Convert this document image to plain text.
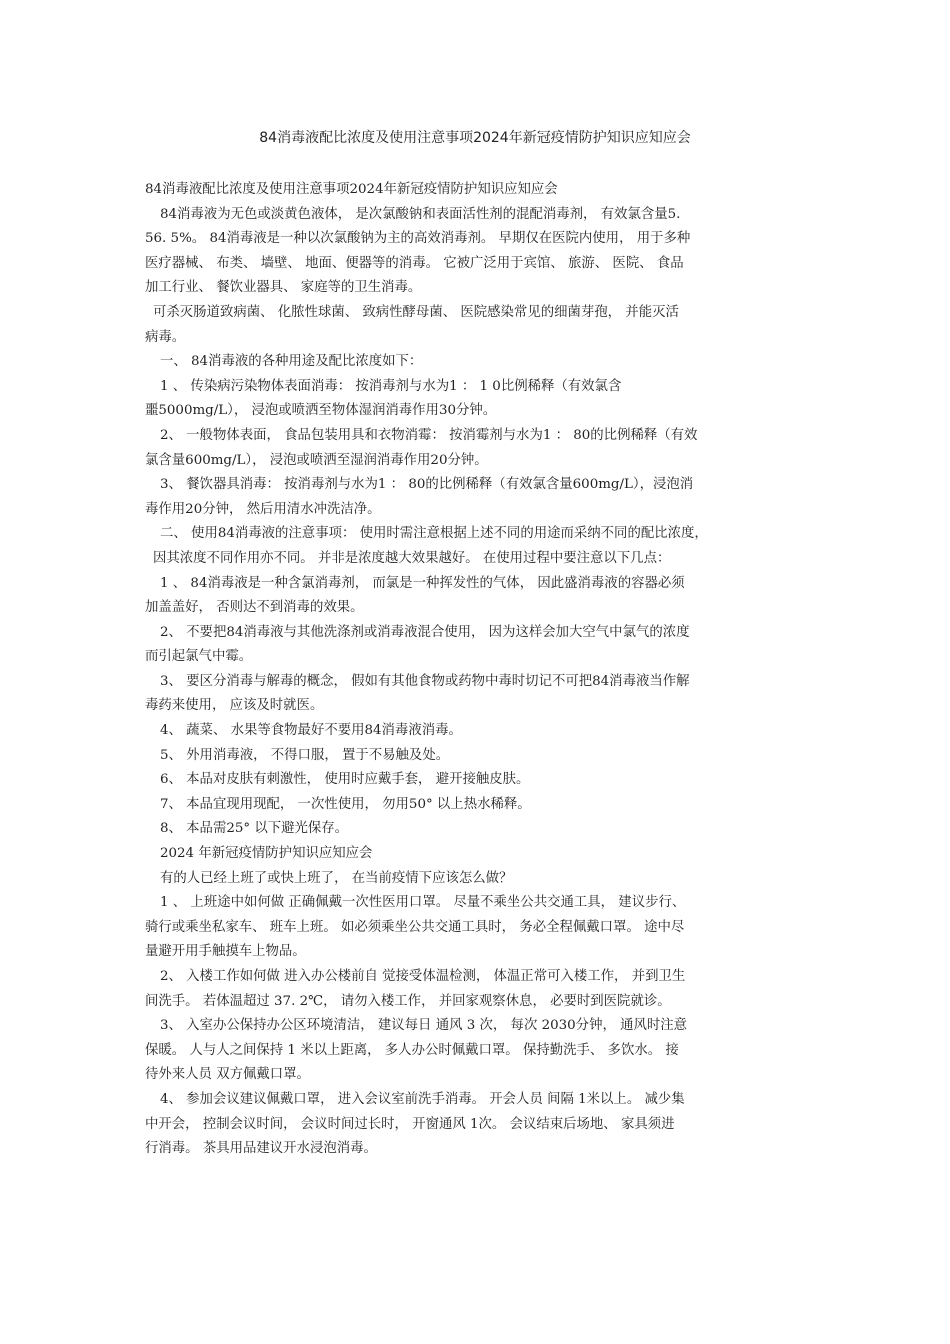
84消毒液配比浓度及使用注意事项2024年新冠疫情防护知识应知应会
84消毒液配比浓度及使用注意事项2024年新冠疫情防护知识应知应会
84消毒液为无色或淡黄色液体， 是次氯酸钠和表面活性剂的混配消毒剂， 有效氯含量5.
56. 5%。 84消毒液是一种以次氯酸钠为主的高效消毒剂。 早期仅在医院内使用， 用于多种
医疗器械、 布类、 墙壁、 地面、便器等的消毒。 它被广泛用于宾馆、 旅游、 医院、 食品
加工行业、 餐饮业器具、 家庭等的卫生消毒。
可杀灭肠道致病菌、 化脓性球菌、 致病性酵母菌、 医院感染常见的细菌芽孢， 并能灭活
病毒。
一、 84消毒液的各种用途及配比浓度如下：
1 、 传染病污染物体表面消毒： 按消毒剂与水为1 ： 1 0比例稀释（有效氯含
噩5000mg/L）， 浸泡或喷洒至物体湿润消毒作用30分钟。
2、 一般物体表面， 食品包装用具和衣物消霉： 按消霉剂与水为1 ： 80的比例稀释（有效
氯含量600mg/L）， 浸泡或喷洒至湿润消毒作用20分钟。
3、 餐饮器具消毒： 按消毒剂与水为1 ： 80的比例稀释（有效氯含量600mg/L），浸泡消
毒作用20分钟， 然后用清水冲洗洁净。
二、 使用84消毒液的注意事项： 使用时需注意根据上述不同的用途而采纳不同的配比浓度，
因其浓度不同作用亦不同。 并非是浓度越大效果越好。 在使用过程中要注意以下几点：
1 、 84消毒液是一种含氯消毒剂， 而氯是一种挥发性的气体， 因此盛消毒液的容器必须
加盖盖好， 否则达不到消毒的效果。
2、 不要把84消毒液与其他洗涤剂或消毒液混合使用， 因为这样会加大空气中氯气的浓度
而引起氯气中霉。
3、 要区分消毒与解毒的概念， 假如有其他食物或药物中毒时切记不可把84消毒液当作解
毒药来使用， 应该及时就医。
4、 蔬菜、 水果等食物最好不要用84消毒液消毒。
5、 外用消毒液， 不得口服， 置于不易触及处。
6、 本品对皮肤有刺激性， 使用时应戴手套， 避开接触皮肤。
7、 本品宜现用现配， 一次性使用， 勿用50° 以上热水稀释。
8、 本品需25° 以下避光保存。
2024 年新冠疫情防护知识应知应会
有的人已经上班了或快上班了， 在当前疫情下应该怎么做？
1 、 上班途中如何做 正确佩戴一次性医用口罩。 尽量不乘坐公共交通工具， 建议步行、
骑行或乘坐私家车、 班车上班。 如必须乘坐公共交通工具时， 务必全程佩戴口罩。 途中尽
量避开用手触摸车上物品。
2、 入楼工作如何做 进入办公楼前自 觉接受体温检测， 体温正常可入楼工作， 并到卫生
间洗手。 若体温超过 37. 2℃， 请勿入楼工作， 并回家观察休息， 必要时到医院就诊。
3、 入室办公保持办公区环境清洁， 建议每日 通风 3 次， 每次 2030分钟， 通风时注意
保暖。 人与人之间保持 1 米以上距离， 多人办公时佩戴口罩。 保持勤洗手、 多饮水。 接
待外来人员 双方佩戴口罩。
4、 参加会议建议佩戴口罩， 进入会议室前洗手消毒。 开会人员 间隔 1米以上。 减少集
中开会， 控制会议时间， 会议时间过长时， 开窗通风 1次。 会议结束后场地、 家具须进
行消毒。 茶具用品建议开水浸泡消毒。
